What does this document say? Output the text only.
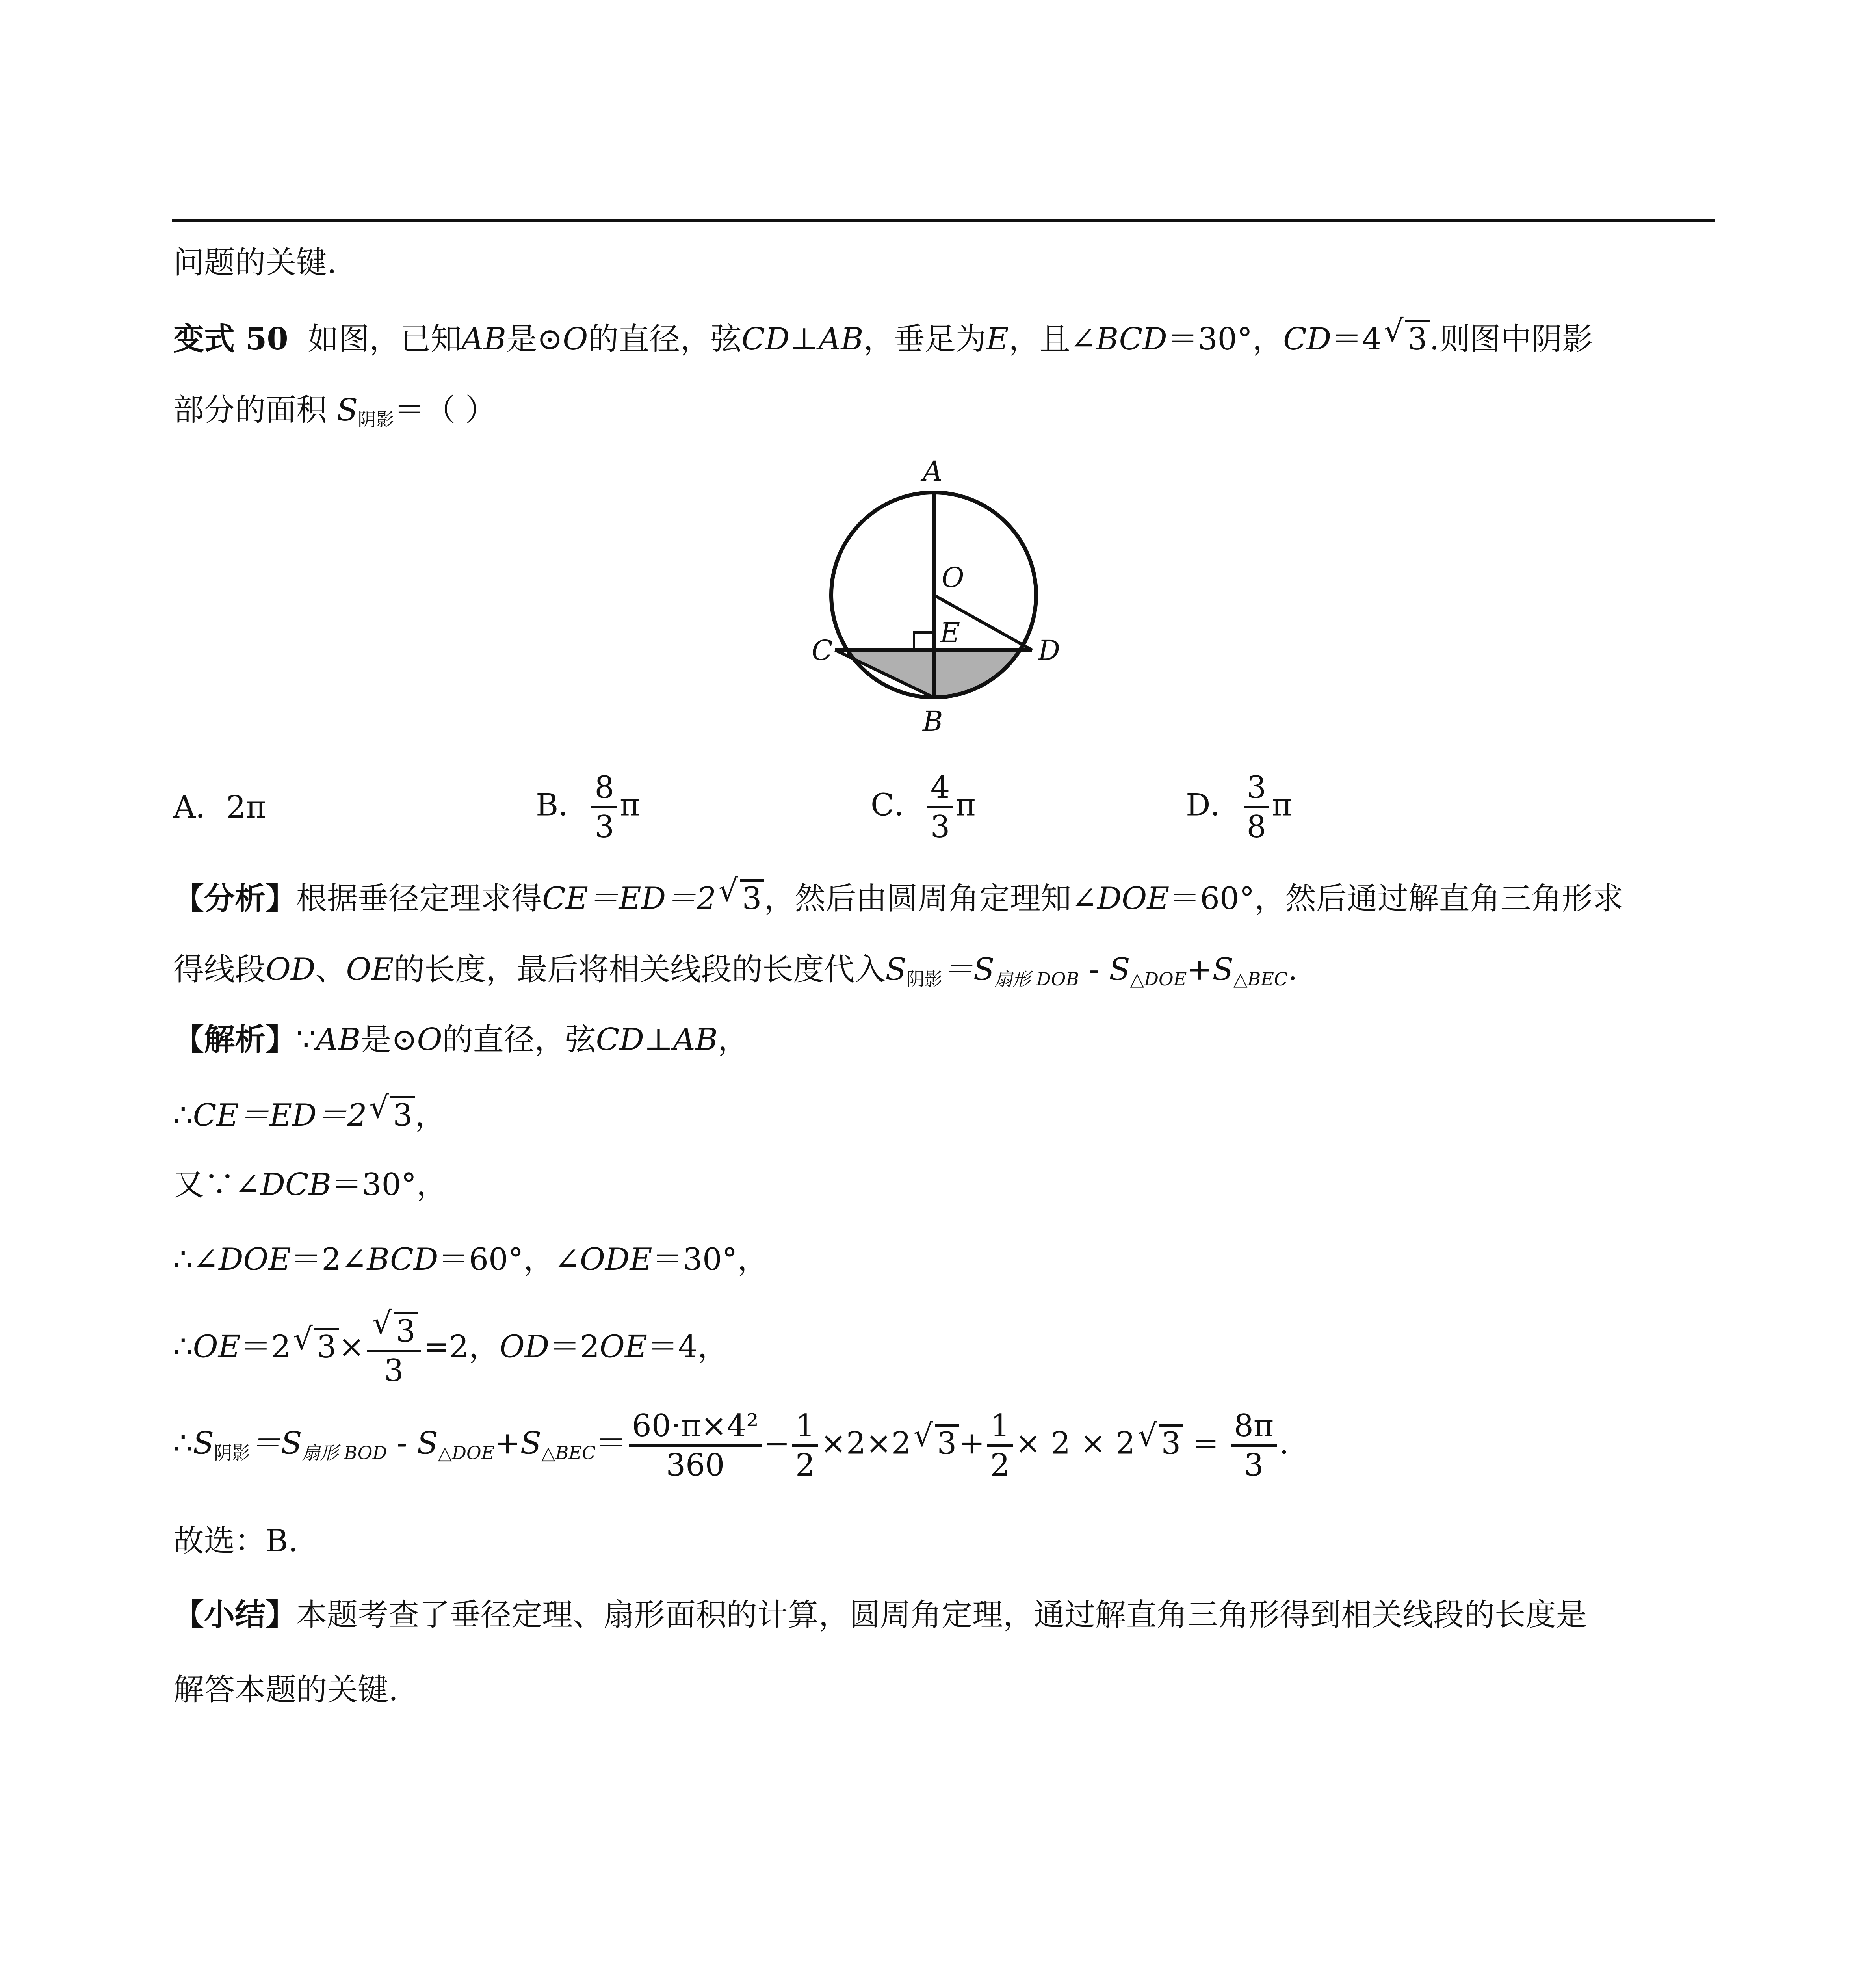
问题的关键.
变式 50 如图，已知AB是⊙O的直径，弦CD⊥AB，垂足为E，且∠BCD＝30°，CD＝4 √ 3.则图中阴影
部分的面积 $S_{阴影}=$（ ）
A
O
E
C	D
B
A．2π	B． $\frac{8}{3}$ π	C． $\frac{4}{3}$ π	D． $\frac{3}{8}$ π
【分析】根据垂径定理求得CE＝ED＝2 √ 3，然后由圆周角定理知∠DOE＝60°，然后通过解直角三角形求
得线段OD、OE的长度，最后将相关线段的长度代入$S_{阴影}=S_{扇形 DOB} - S_{\triangle DOE}+S_{\triangle BEC}$.
【解析】∵AB是⊙O的直径，弦CD⊥AB，
∴CE＝ED＝2 √ 3，
又∵∠DCB＝30°，
∴∠DOE＝2∠BCD＝60°，∠ODE＝30°，
∴OE＝2 √ $3\times \frac{√ 3}{3} =2$，OD＝2OE＝4，
$\therefore S_{阴影}=S_{扇形 BOD} - S_{\triangle DOE}+S_{\triangle BEC}= \frac{\text{60·π×4²}}{360} - \frac{1}{2} \times 2\times 2$ √ $3+ \frac{1}{2} \times 2 \times 2$ √ $3 = \frac{8\pi}{3}$ .
故选：B.
【小结】本题考查了垂径定理、扇形面积的计算，圆周角定理，通过解直角三角形得到相关线段的长度是
解答本题的关键.
